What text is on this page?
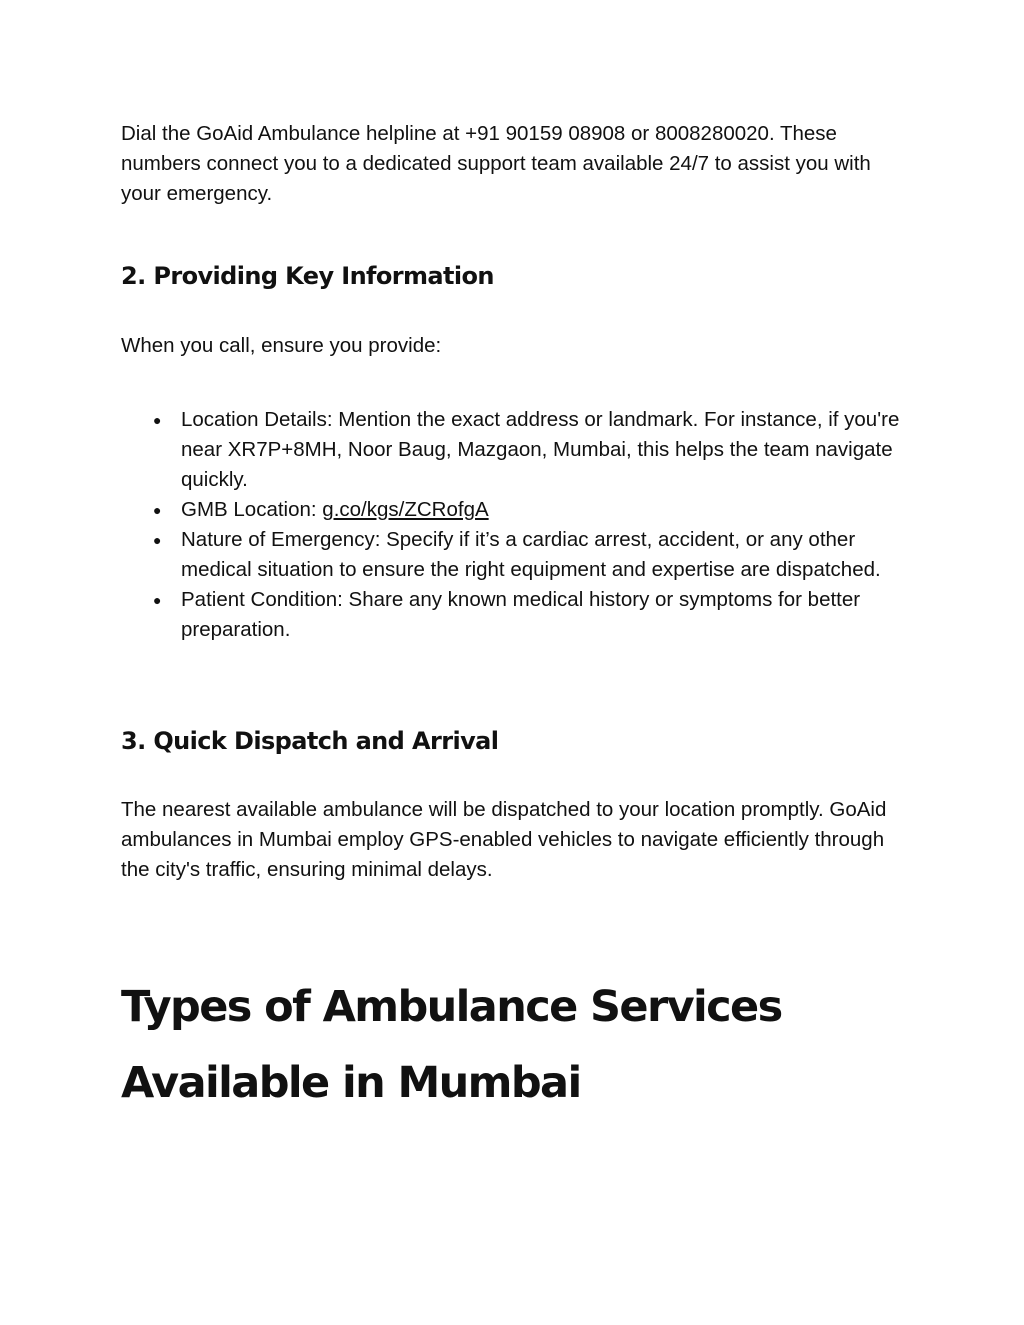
Dial the GoAid Ambulance helpline at +91 90159 08908 or 8008280020. These numbers connect you to a dedicated support team available 24/7 to assist you with your emergency.

2. Providing Key Information

When you call, ensure you provide:

● Location Details: Mention the exact address or landmark. For instance, if you're near XR7P+8MH, Noor Baug, Mazgaon, Mumbai, this helps the team navigate quickly.
● GMB Location: g.co/kgs/ZCRofgA
● Nature of Emergency: Specify if it’s a cardiac arrest, accident, or any other medical situation to ensure the right equipment and expertise are dispatched.
● Patient Condition: Share any known medical history or symptoms for better preparation.
3. Quick Dispatch and Arrival

The nearest available ambulance will be dispatched to your location promptly. GoAid ambulances in Mumbai employ GPS-enabled vehicles to navigate efficiently through the city's traffic, ensuring minimal delays.

Types of Ambulance Services Available in Mumbai
